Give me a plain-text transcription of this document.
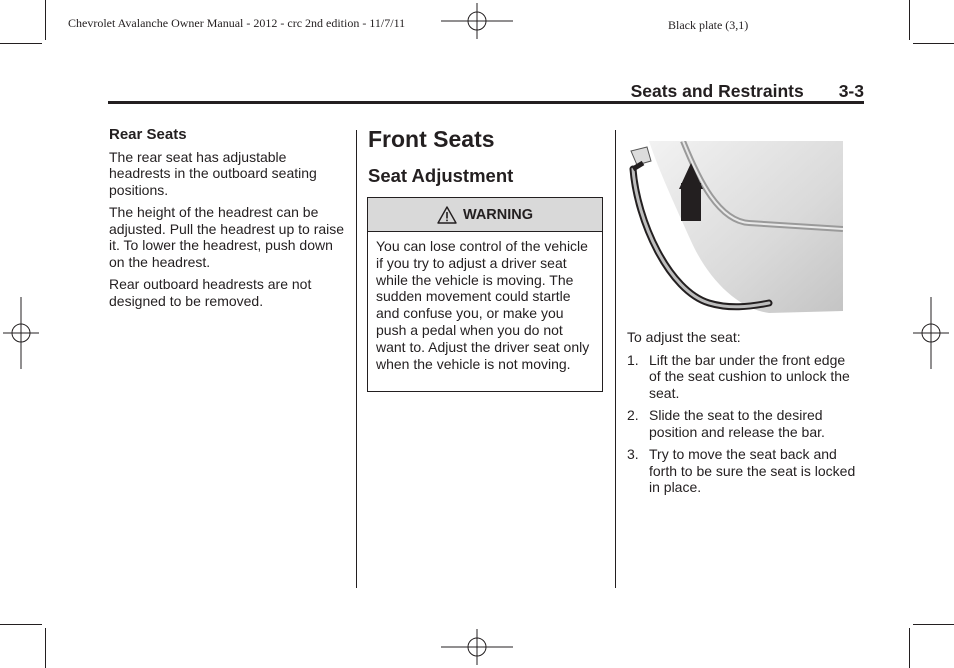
Chevrolet Avalanche Owner Manual - 2012 - crc 2nd edition - 11/7/11	Black plate (3,1)
Seats and Restraints 3-3
Rear Seats

The rear seat has adjustable headrests in the outboard seating positions.

The height of the headrest can be adjusted. Pull the headrest up to raise it. To lower the headrest, push down on the headrest.

Rear outboard headrests are not designed to be removed.

Front Seats
Seat Adjustment
WARNING
You can lose control of the vehicle if you try to adjust a driver seat while the vehicle is moving. The sudden movement could startle and confuse you, or make you push a pedal when you do not want to. Adjust the driver seat only when the vehicle is not moving.

To adjust the seat:

1. Lift the bar under the front edge of the seat cushion to unlock the seat.
2. Slide the seat to the desired position and release the bar.
3. Try to move the seat back and forth to be sure the seat is locked in place.
